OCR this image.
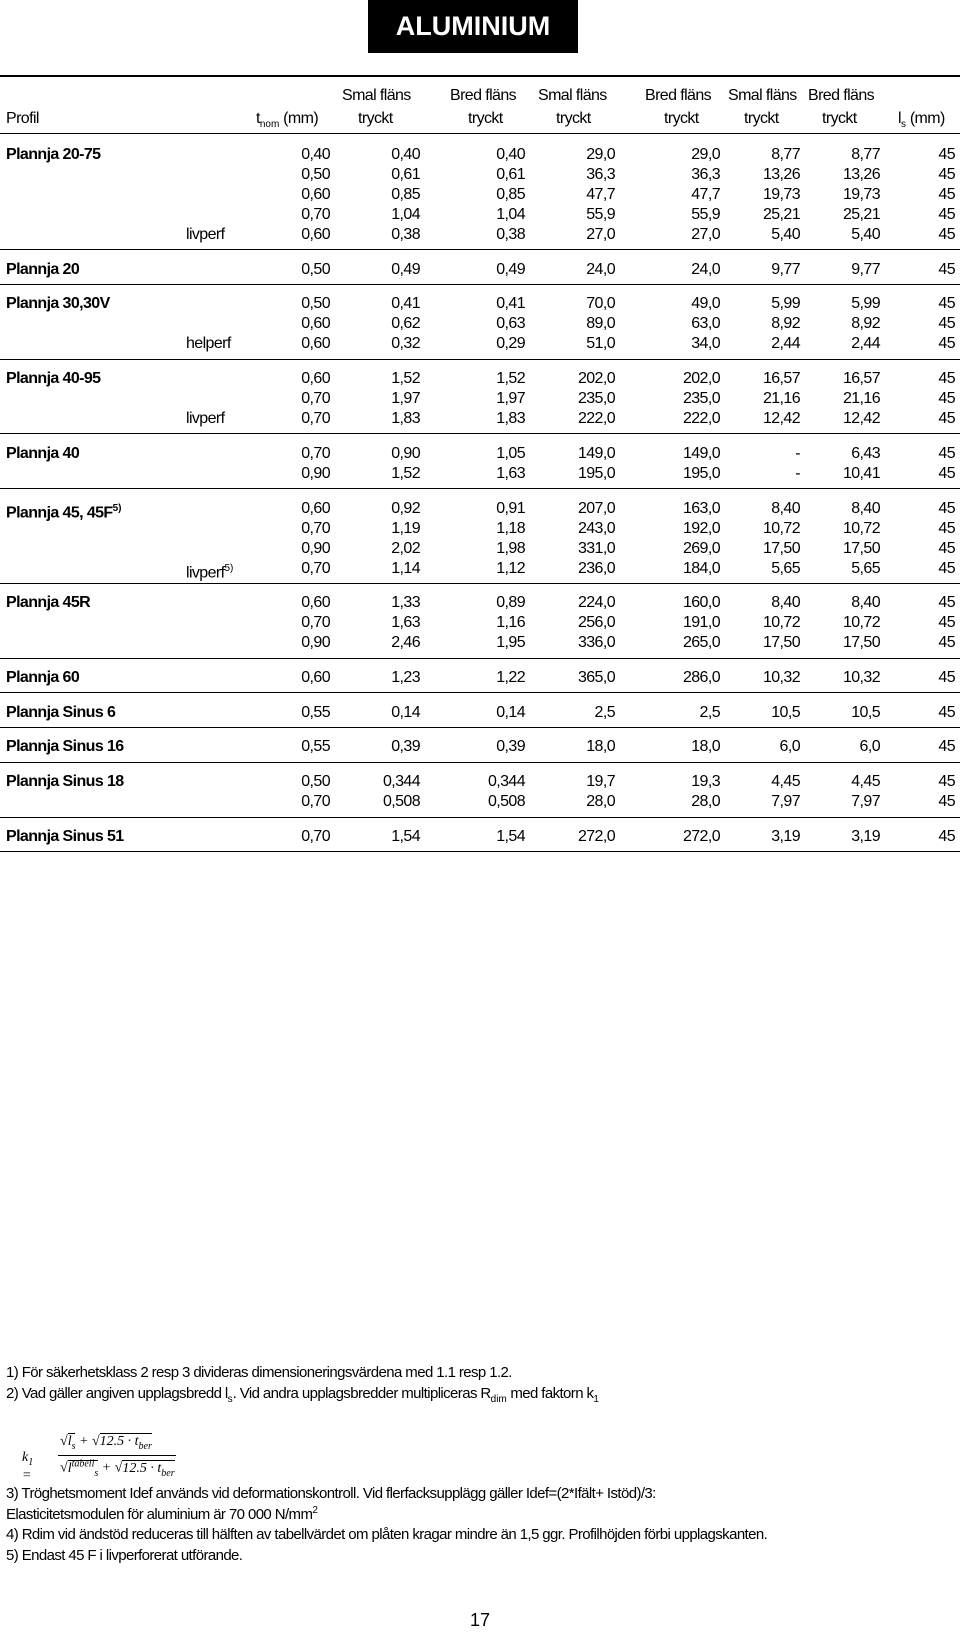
ALUMINIUM
Profil	$t_{nom}$ (mm)	$l_s$ (mm)
Smal fläns Bred fläns Smal fläns Bred fläns Smal fläns Bred fläns
tryckt	tryckt	tryckt	tryckt	tryckt	tryckt
Plannja 20-75	0,40	0,40	0,40	29,0	29,0	8,77	8,77	45
0,50	0,61	0,61	36,3	36,3	13,26	13,26	45
0,60	0,85	0,85	47,7	47,7	19,73	19,73	45
0,70	1,04	1,04	55,9	55,9	25,21	25,21	45
livperf	0,60	0,38	0,38	27,0	27,0	5,40	5,40	45
Plannja 20	0,50	0,49	0,49	24,0	24,0	9,77	9,77	45
Plannja 30,30V	0,50	0,41	0,41	70,0	49,0	5,99	5,99	45
0,60	0,62	0,63	89,0	63,0	8,92	8,92	45
helperf	0,60	0,32	0,29	51,0	34,0	2,44	2,44	45
Plannja 40-95	0,60	1,52	1,52	202,0	202,0	16,57	16,57	45
0,70	1,97	1,97	235,0	235,0	21,16	21,16	45
livperf	0,70	1,83	1,83	222,0	222,0	12,42	12,42	45
Plannja 40	0,70	0,90	1,05	149,0	149,0	-	6,43	45
0,90	1,52	1,63	195,0	195,0	-	10,41	45
Plannja 45, $45F^{5)}$	0,60	0,92	0,91	207,0	163,0	8,40	8,40	45
0,70	1,19	1,18	243,0	192,0	10,72	10,72	45
0,90	2,02	1,98	331,0	269,0	17,50	17,50	45
livperf$^{5)}$	0,70	1,14	1,12	236,0	184,0	5,65	5,65	45
Plannja 45R	0,60	1,33	0,89	224,0	160,0	8,40	8,40	45
0,70	1,63	1,16	256,0	191,0	10,72	10,72	45
0,90	2,46	1,95	336,0	265,0	17,50	17,50	45
Plannja 60	0,60	1,23	1,22	365,0	286,0	10,32	10,32	45
Plannja Sinus 6	0,55	0,14	0,14	2,5	2,5	10,5	10,5	45
Plannja Sinus 16	0,55	0,39	0,39	18,0	18,0	6,0	6,0	45
Plannja Sinus 18	0,50	0,344	0,344	19,7	19,3	4,45	4,45	45
0,70	0,508	0,508	28,0	28,0	7,97	7,97	45
Plannja Sinus 51	0,70	1,54	1,54	272,0	272,0	3,19	3,19	45
1) För säkerhetsklass 2 resp 3 divideras dimensioneringsvärdena med 1.1 resp 1.2.
2) Vad gäller angiven upplagsbredd $l_s$. Vid andra upplagsbredder multipliceras $R_{dim}$ med faktorn $k_1$
$k_1$ =
$√l_s + √12.5 \cdot t_{ber}$
$√l^{tabell}_s + √12.5 \cdot t_{ber}$
3) Tröghetsmoment Idef används vid deformationskontroll. Vid flerfacksupplägg gäller Idef=(2*Ifält+ Istöd)/3:
Elasticitetsmodulen för aluminium är 70 000 $N/mm^2$
4) Rdim vid ändstöd reduceras till hälften av tabellvärdet om plåten kragar mindre än 1,5 ggr. Profilhöjden förbi upplagskanten.
5) Endast 45 F i livperforerat utförande.
17
